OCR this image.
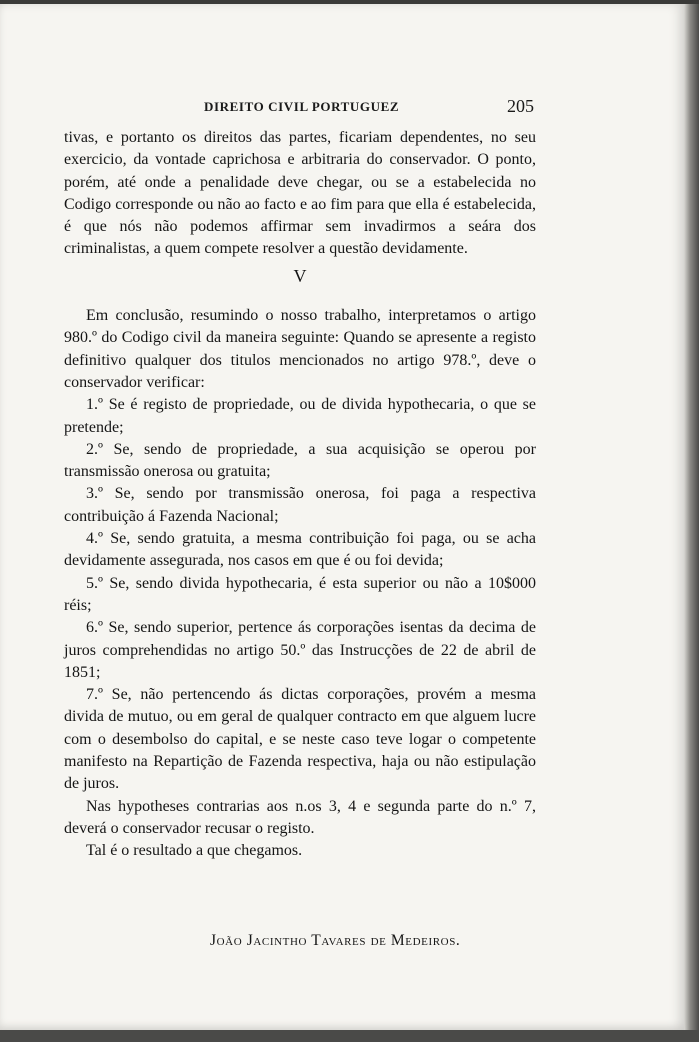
DIREITO CIVIL PORTUGUEZ	205

tivas, e portanto os direitos das partes, ficariam dependentes, no seu exercicio, da vontade caprichosa e arbitraria do conservador. O ponto, porém, até onde a penalidade deve chegar, ou se a estabelecida no Codigo corresponde ou não ao facto e ao fim para que ella é estabelecida, é que nós não podemos affirmar sem invadirmos a seára dos criminalistas, a quem compete resolver a questão devidamente.

V

Em conclusão, resumindo o nosso trabalho, interpretamos o artigo 980.º do Codigo civil da maneira seguinte: Quando se apresente a registo definitivo qualquer dos titulos mencionados no artigo 978.º, deve o conservador verificar:

1.º Se é registo de propriedade, ou de divida hypothecaria, o que se pretende;

2.º Se, sendo de propriedade, a sua acquisição se operou por transmissão onerosa ou gratuita;

3.º Se, sendo por transmissão onerosa, foi paga a respectiva contribuição á Fazenda Nacional;

4.º Se, sendo gratuita, a mesma contribuição foi paga, ou se acha devidamente assegurada, nos casos em que é ou foi devida;

5.º Se, sendo divida hypothecaria, é esta superior ou não a 10$000 réis;

6.º Se, sendo superior, pertence ás corporações isentas da decima de juros comprehendidas no artigo 50.º das Instrucções de 22 de abril de 1851;

7.º Se, não pertencendo ás dictas corporações, provém a mesma divida de mutuo, ou em geral de qualquer contracto em que alguem lucre com o desembolso do capital, e se neste caso teve logar o competente manifesto na Repartição de Fazenda respectiva, haja ou não estipulação de juros.

Nas hypotheses contrarias aos n.os 3, 4 e segunda parte do n.º 7, deverá o conservador recusar o registo.

Tal é o resultado a que chegamos.

João Jacintho Tavares de Medeiros.
